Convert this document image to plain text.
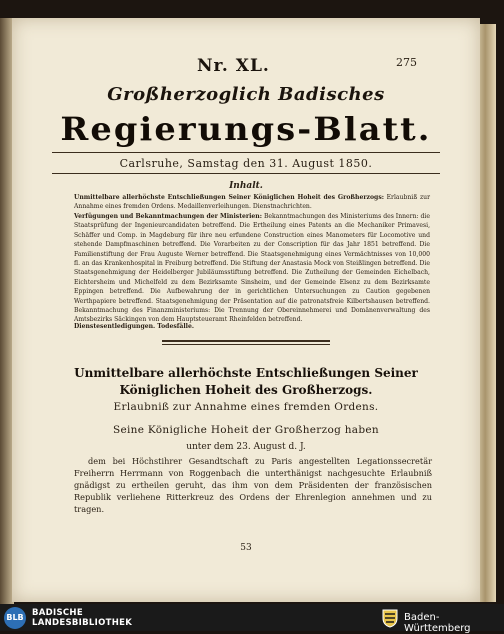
Nr. XL.	275
Großherzoglich Badisches
Regierungs-Blatt.
Carlsruhe, Samstag den 31. August 1850.
Inhalt.
Unmittelbare allerhöchste Entschließungen Seiner Königlichen Hoheit des Großherzogs: Erlaubniß zur Annahme eines fremden Ordens. Medaillenverleihungen. Dienstnachrichten.
Verfügungen und Bekanntmachungen der Ministerien: Bekanntmachungen des Ministeriums des Innern: die Staatsprüfung der Ingenieurcandidaten betreffend. Die Ertheilung eines Patents an die Mechaniker Primavesi, Schäffer und Comp. in Magdeburg für ihre neu erfundene Construction eines Manometers für Locomotive und stehende Dampfmaschinen betreffend. Die Vorarbeiten zu der Conscription für das Jahr 1851 betreffend. Die Familienstiftung der Frau Auguste Werner betreffend. Die Staatsgenehmigung eines Vermächtnisses von 10,000 fl. an das Krankenhospital in Freiburg betreffend. Die Stiftung der Anastasia Mock von Steißlingen betreffend. Die Staatsgenehmigung der Heidelberger Jubiläumsstiftung betreffend. Die Zutheilung der Gemeinden Eichelbach, Eichtersheim und Michelfeld zu dem Bezirksamte Sinsheim, und der Gemeinde Elsenz zu dem Bezirksamte Eppingen betreffend. Die Aufbewahrung der in gerichtlichen Untersuchungen zu Caution gegebenen Werthpapiere betreffend. Staatsgenehmigung der Präsentation auf die patronatsfreie Kilbertshausen betreffend. Bekanntmachung des Finanzministeriums: Die Trennung der Obereinnehmerei und Domänenverwaltung des Amtsbezirks Säckingen von dem Hauptsteueramt Rheinfelden betreffend.
Dienstesentledigungen. Todesfälle.
Unmittelbare allerhöchste Entschließungen Seiner Königlichen Hoheit des Großherzogs.
Erlaubniß zur Annahme eines fremden Ordens.
Seine Königliche Hoheit der Großherzog haben
unter dem 23. August d. J.
dem bei Höchstihrer Gesandtschaft zu Paris angestellten Legationssecretär Freiherrn Herrmann von Roggenbach die unterthänigst nachgesuchte Erlaubniß gnädigst zu ertheilen geruht, das ihm von dem Präsidenten der französischen Republik verliehene Ritterkreuz des Ordens der Ehrenlegion annehmen und zu tragen.
53
BLB BADISCHE
LANDESBIBLIOTHEK	Baden-Württemberg
